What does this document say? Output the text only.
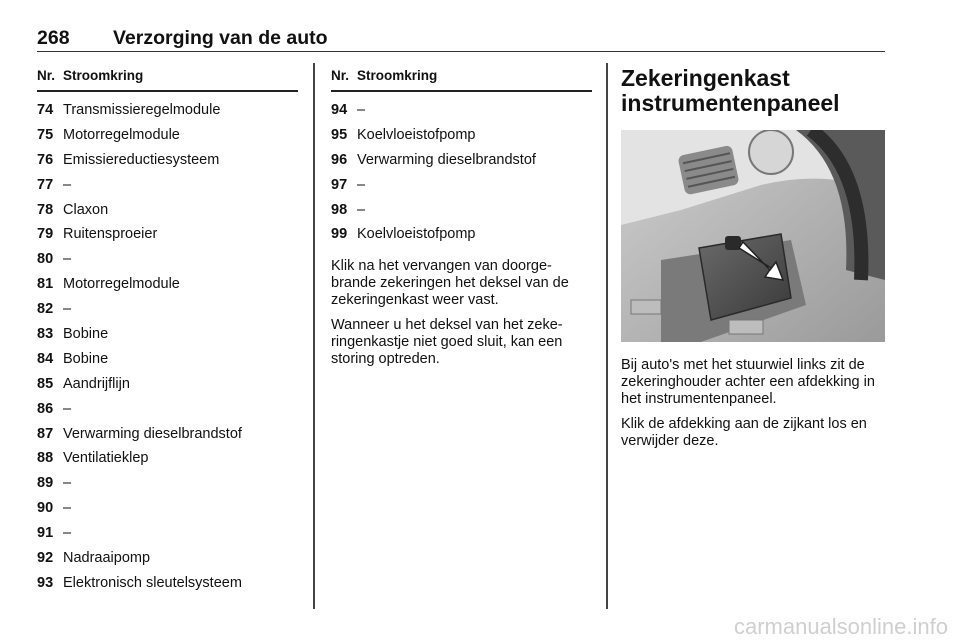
268 Verzorging van de auto
Nr. Stroomkring
74 Transmissieregelmodule
75 Motorregelmodule
76 Emissiereductiesysteem
77 –
78 Claxon
79 Ruitensproeier
80 –
81 Motorregelmodule
82 –
83 Bobine
84 Bobine
85 Aandrijflijn
86 –
87 Verwarming dieselbrandstof
88 Ventilatieklep
89 –
90 –
91 –
92 Nadraaipomp
93 Elektronisch sleutelsysteem
Nr. Stroomkring
94 –
95 Koelvloeistofpomp
96 Verwarming dieselbrandstof
97 –
98 –
99 Koelvloeistofpomp

Klik na het vervangen van doorge-brande zekeringen het deksel van de zekeringenkast weer vast.

Wanneer u het deksel van het zeke-ringenkastje niet goed sluit, kan een storing optreden.

Zekeringenkast
instrumentenpaneel

Bij auto's met het stuurwiel links zit de zekeringhouder achter een afdekking in het instrumentenpaneel.

Klik de afdekking aan de zijkant los en verwijder deze.

carmanualsonline.info
